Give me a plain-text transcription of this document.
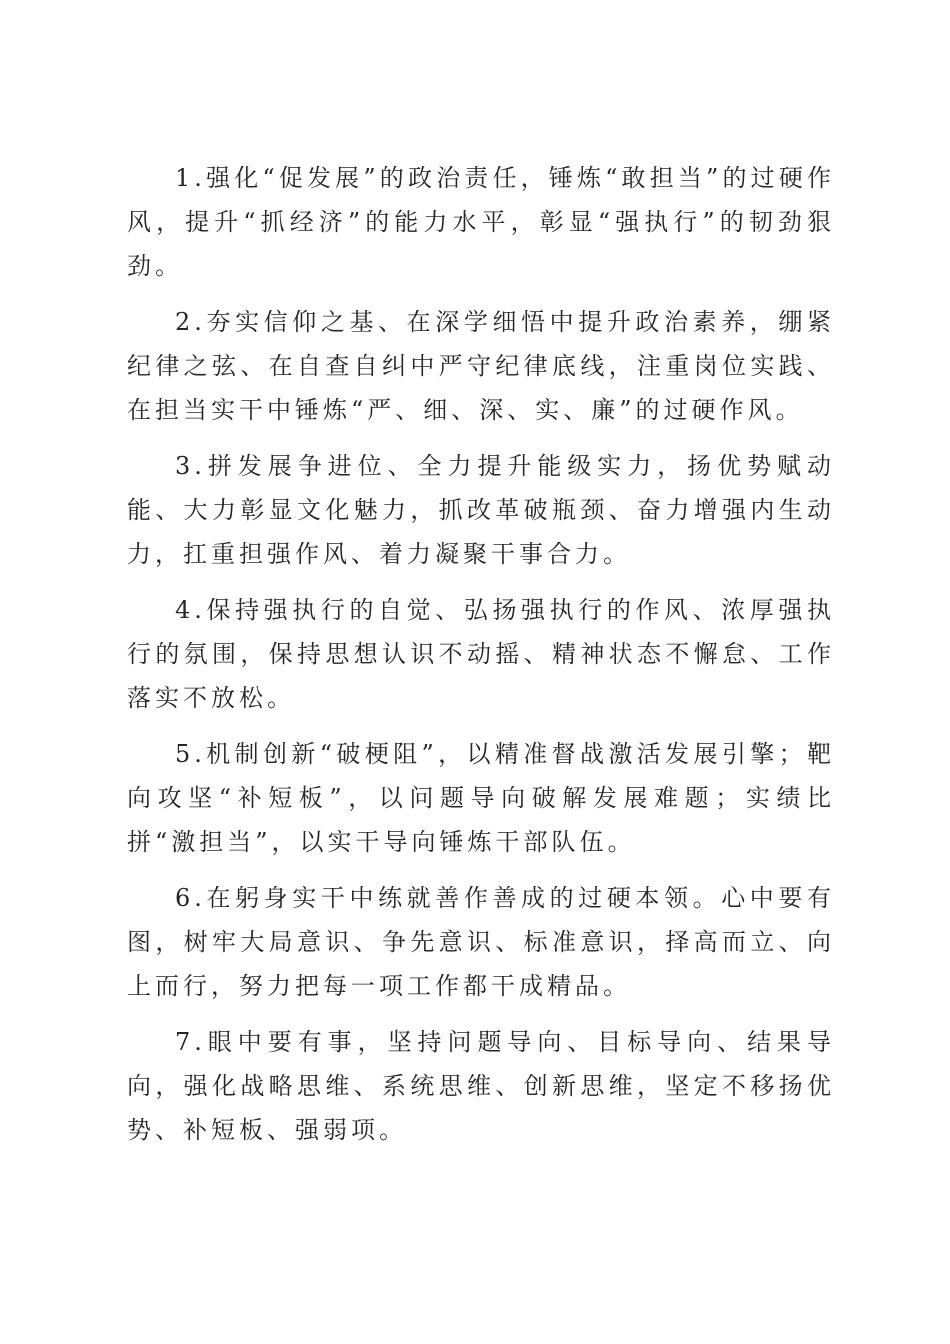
1.强化“促发展”的政治责任，锤炼“敢担当”的过硬作风，提升“抓经济”的能力水平，彰显“强执行”的韧劲狠劲。

2.夯实信仰之基、在深学细悟中提升政治素养，绷紧纪律之弦、在自查自纠中严守纪律底线，注重岗位实践、在担当实干中锤炼“严、细、深、实、廉”的过硬作风。

3.拼发展争进位、全力提升能级实力，扬优势赋动能、大力彰显文化魅力，抓改革破瓶颈、奋力增强内生动力，扛重担强作风、着力凝聚干事合力。

4.保持强执行的自觉、弘扬强执行的作风、浓厚强执行的氛围，保持思想认识不动摇、精神状态不懈怠、工作落实不放松。

5.机制创新“破梗阻”，以精准督战激活发展引擎；靶向攻坚“补短板”，以问题导向破解发展难题；实绩比拼“激担当”，以实干导向锤炼干部队伍。

6.在躬身实干中练就善作善成的过硬本领。心中要有图，树牢大局意识、争先意识、标准意识，择高而立、向上而行，努力把每一项工作都干成精品。

7.眼中要有事，坚持问题导向、目标导向、结果导向，强化战略思维、系统思维、创新思维，坚定不移扬优势、补短板、强弱项。
